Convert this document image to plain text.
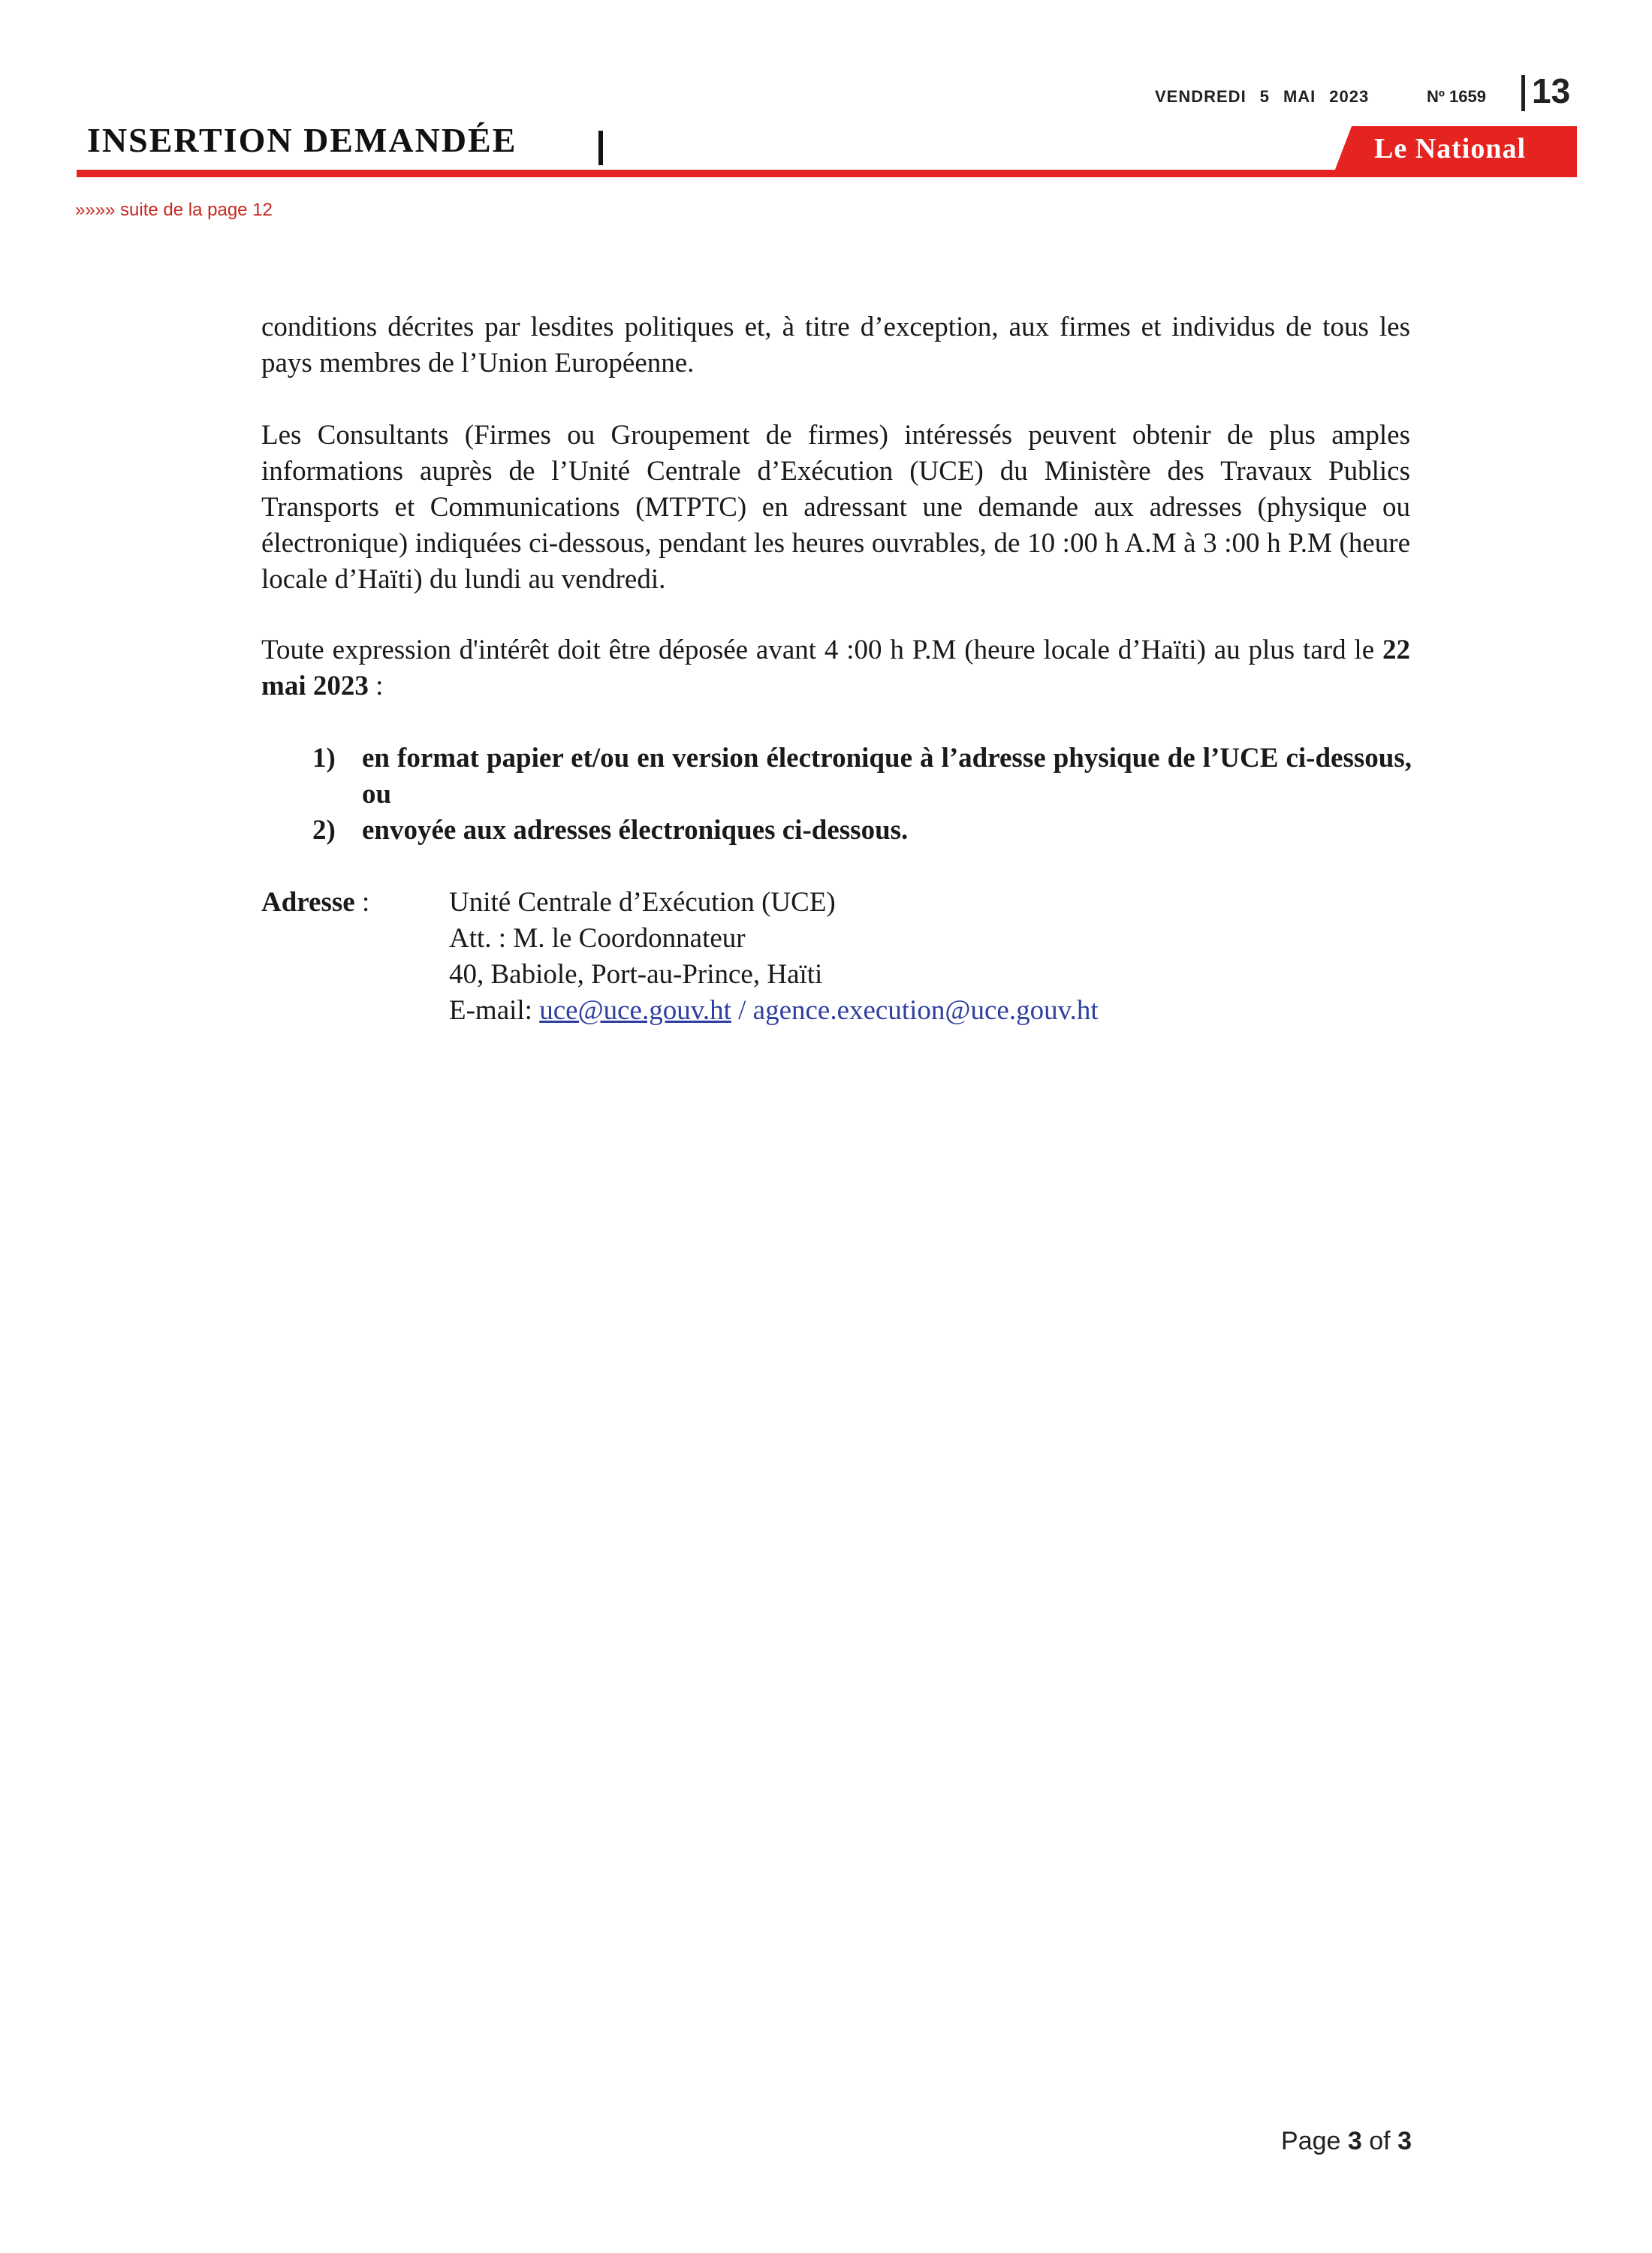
VENDREDI 5 MAI 2023	Nº 1659 13
INSERTION DEMANDÉE	Le National
»»»» suite de la page 12
conditions décrites par lesdites politiques et, à titre d’exception, aux firmes et individus de tous les pays membres de l’Union Européenne.
Les Consultants (Firmes ou Groupement de firmes) intéressés peuvent obtenir de plus amples informations auprès de l’Unité Centrale d’Exécution (UCE) du Ministère des Travaux Publics Transports et Communications (MTPTC) en adressant une demande aux adresses (physique ou électronique) indiquées ci-dessous, pendant les heures ouvrables, de 10 :00 h A.M à 3 :00 h P.M (heure locale d’Haïti) du lundi au vendredi.
Toute expression d'intérêt doit être déposée avant 4 :00 h P.M (heure locale d’Haïti) au plus tard le 22 mai 2023 :
1) en format papier et/ou en version électronique à l’adresse physique de l’UCE ci-dessous, ou
2) envoyée aux adresses électroniques ci-dessous.
Adresse :	Unité Centrale d’Exécution (UCE)
Att. : M. le Coordonnateur
40, Babiole, Port-au-Prince, Haïti
E-mail: uce@uce.gouv.ht / agence.execution@uce.gouv.ht
Page 3 of 3
